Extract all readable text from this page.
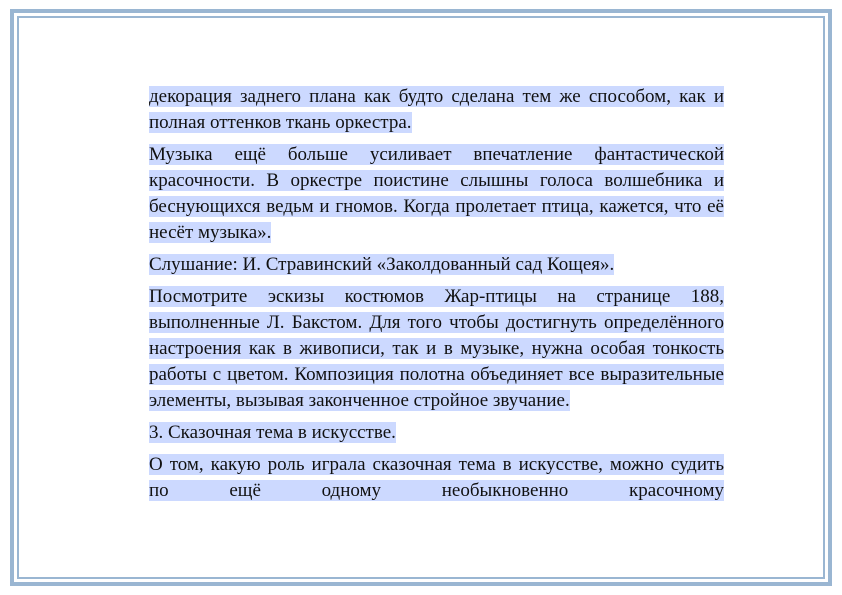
декорация заднего плана как будто сделана тем же способом, как и полная оттенков ткань оркестра.

Музыка ещё больше усиливает впечатление фантастической красочности. В оркестре поистине слышны голоса волшебника и беснующихся ведьм и гномов. Когда пролетает птица, кажется, что её несёт музыка».

Слушание: И. Стравинский «Заколдованный сад Кощея».

Посмотрите эскизы костюмов Жар-птицы на странице 188, выполненные Л. Бакстом. Для того чтобы достигнуть определённого настроения как в живописи, так и в музыке, нужна особая тонкость работы с цветом. Композиция полотна объединяет все выразительные элементы, вызывая законченное стройное звучание.

3. Сказочная тема в искусстве.

О том, какую роль играла сказочная тема в искусстве, можно судить по ещё одному необыкновенно красочному
